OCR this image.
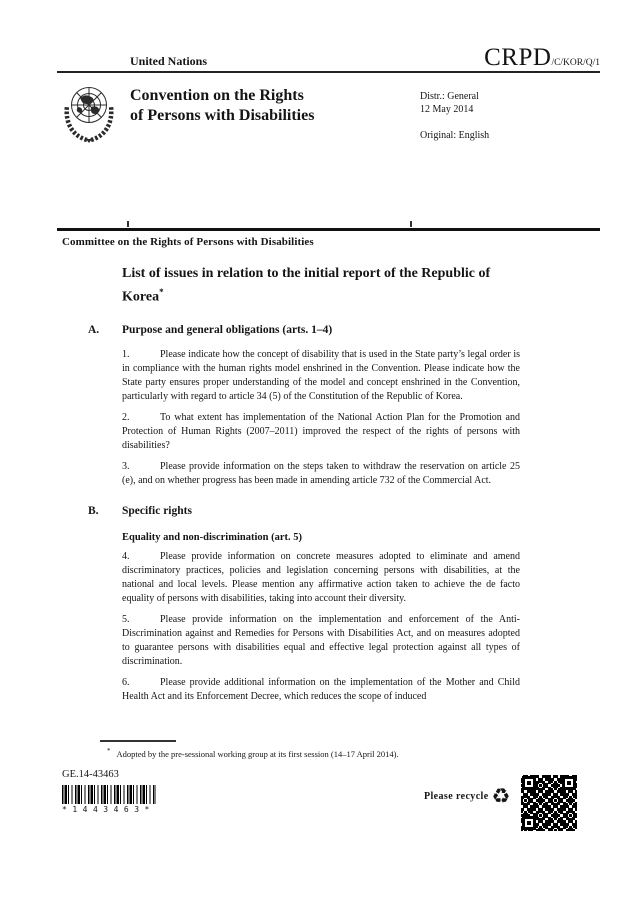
United Nations	CRPD/C/KOR/Q/1
Convention on the Rights
of Persons with Disabilities
Distr.: General
12 May 2014
Original: English
Committee on the Rights of Persons with Disabilities
List of issues in relation to the initial report of the Republic of Korea*
A. Purpose and general obligations (arts. 1–4)

1.	Please indicate how the concept of disability that is used in the State party’s legal order is in compliance with the human rights model enshrined in the Convention. Please indicate how the State party ensures proper understanding of the model and concept enshrined in the Convention, particularly with regard to article 34 (5) of the Constitution of the Republic of Korea.

2.	To what extent has implementation of the National Action Plan for the Promotion and Protection of Human Rights (2007–2011) improved the respect of the rights of persons with disabilities?

3.	Please provide information on the steps taken to withdraw the reservation on article 25 (e), and on whether progress has been made in amending article 732 of the Commercial Act.

B. Specific rights
Equality and non-discrimination (art. 5)

4.	Please provide information on concrete measures adopted to eliminate and amend discriminatory practices, policies and legislation concerning persons with disabilities, at the national and local levels. Please mention any affirmative action taken to achieve the de facto equality of persons with disabilities, taking into account their diversity.

5.	Please provide information on the implementation and enforcement of the Anti-Discrimination against and Remedies for Persons with Disabilities Act, and on measures adopted to guarantee persons with disabilities equal and effective legal protection against all types of discrimination.

6.	Please provide additional information on the implementation of the Mother and Child Health Act and its Enforcement Decree, which reduces the scope of induced

* Adopted by the pre-sessional working group at its first session (14–17 April 2014).
GE.14-43463
*1443463*
Please recycle ♻
